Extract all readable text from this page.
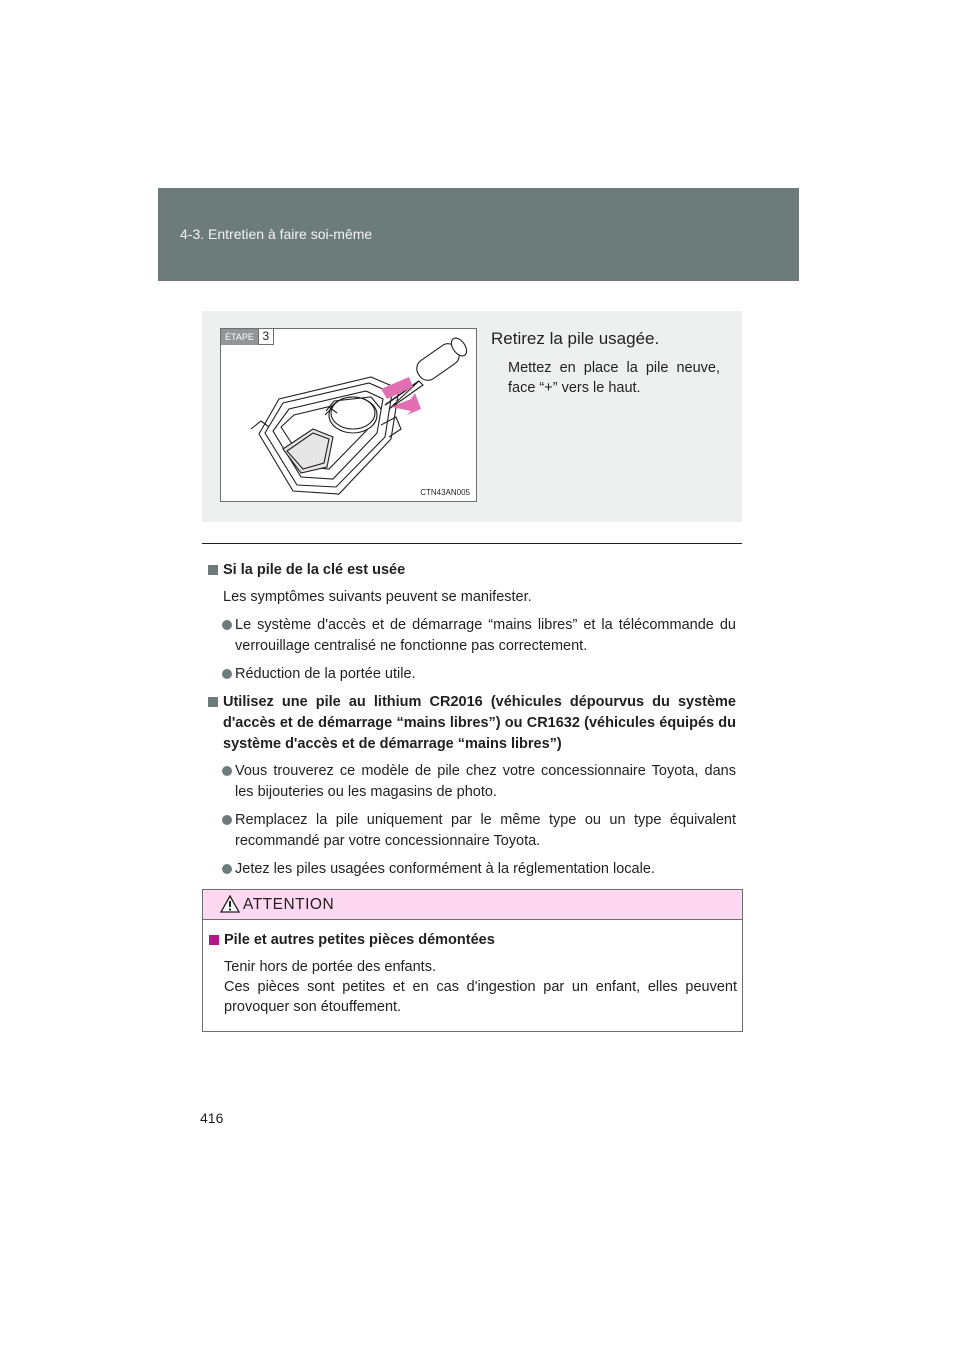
4-3. Entretien à faire soi-même
ÉTAPE 3
CTN43AN005
Retirez la pile usagée.
Mettez en place la pile neuve, face “+” vers le haut.
Si la pile de la clé est usée
Les symptômes suivants peuvent se manifester.
Le système d'accès et de démarrage “mains libres” et la télécommande du verrouillage centralisé ne fonctionne pas correctement.
Réduction de la portée utile.
Utilisez une pile au lithium CR2016 (véhicules dépourvus du système d'accès et de démarrage “mains libres”) ou CR1632 (véhicules équipés du système d'accès et de démarrage “mains libres”)
Vous trouverez ce modèle de pile chez votre concessionnaire Toyota, dans les bijouteries ou les magasins de photo.
Remplacez la pile uniquement par le même type ou un type équivalent recommandé par votre concessionnaire Toyota.
Jetez les piles usagées conformément à la réglementation locale.
ATTENTION
Pile et autres petites pièces démontées
Tenir hors de portée des enfants.
Ces pièces sont petites et en cas d'ingestion par un enfant, elles peuvent provoquer son étouffement.
416
